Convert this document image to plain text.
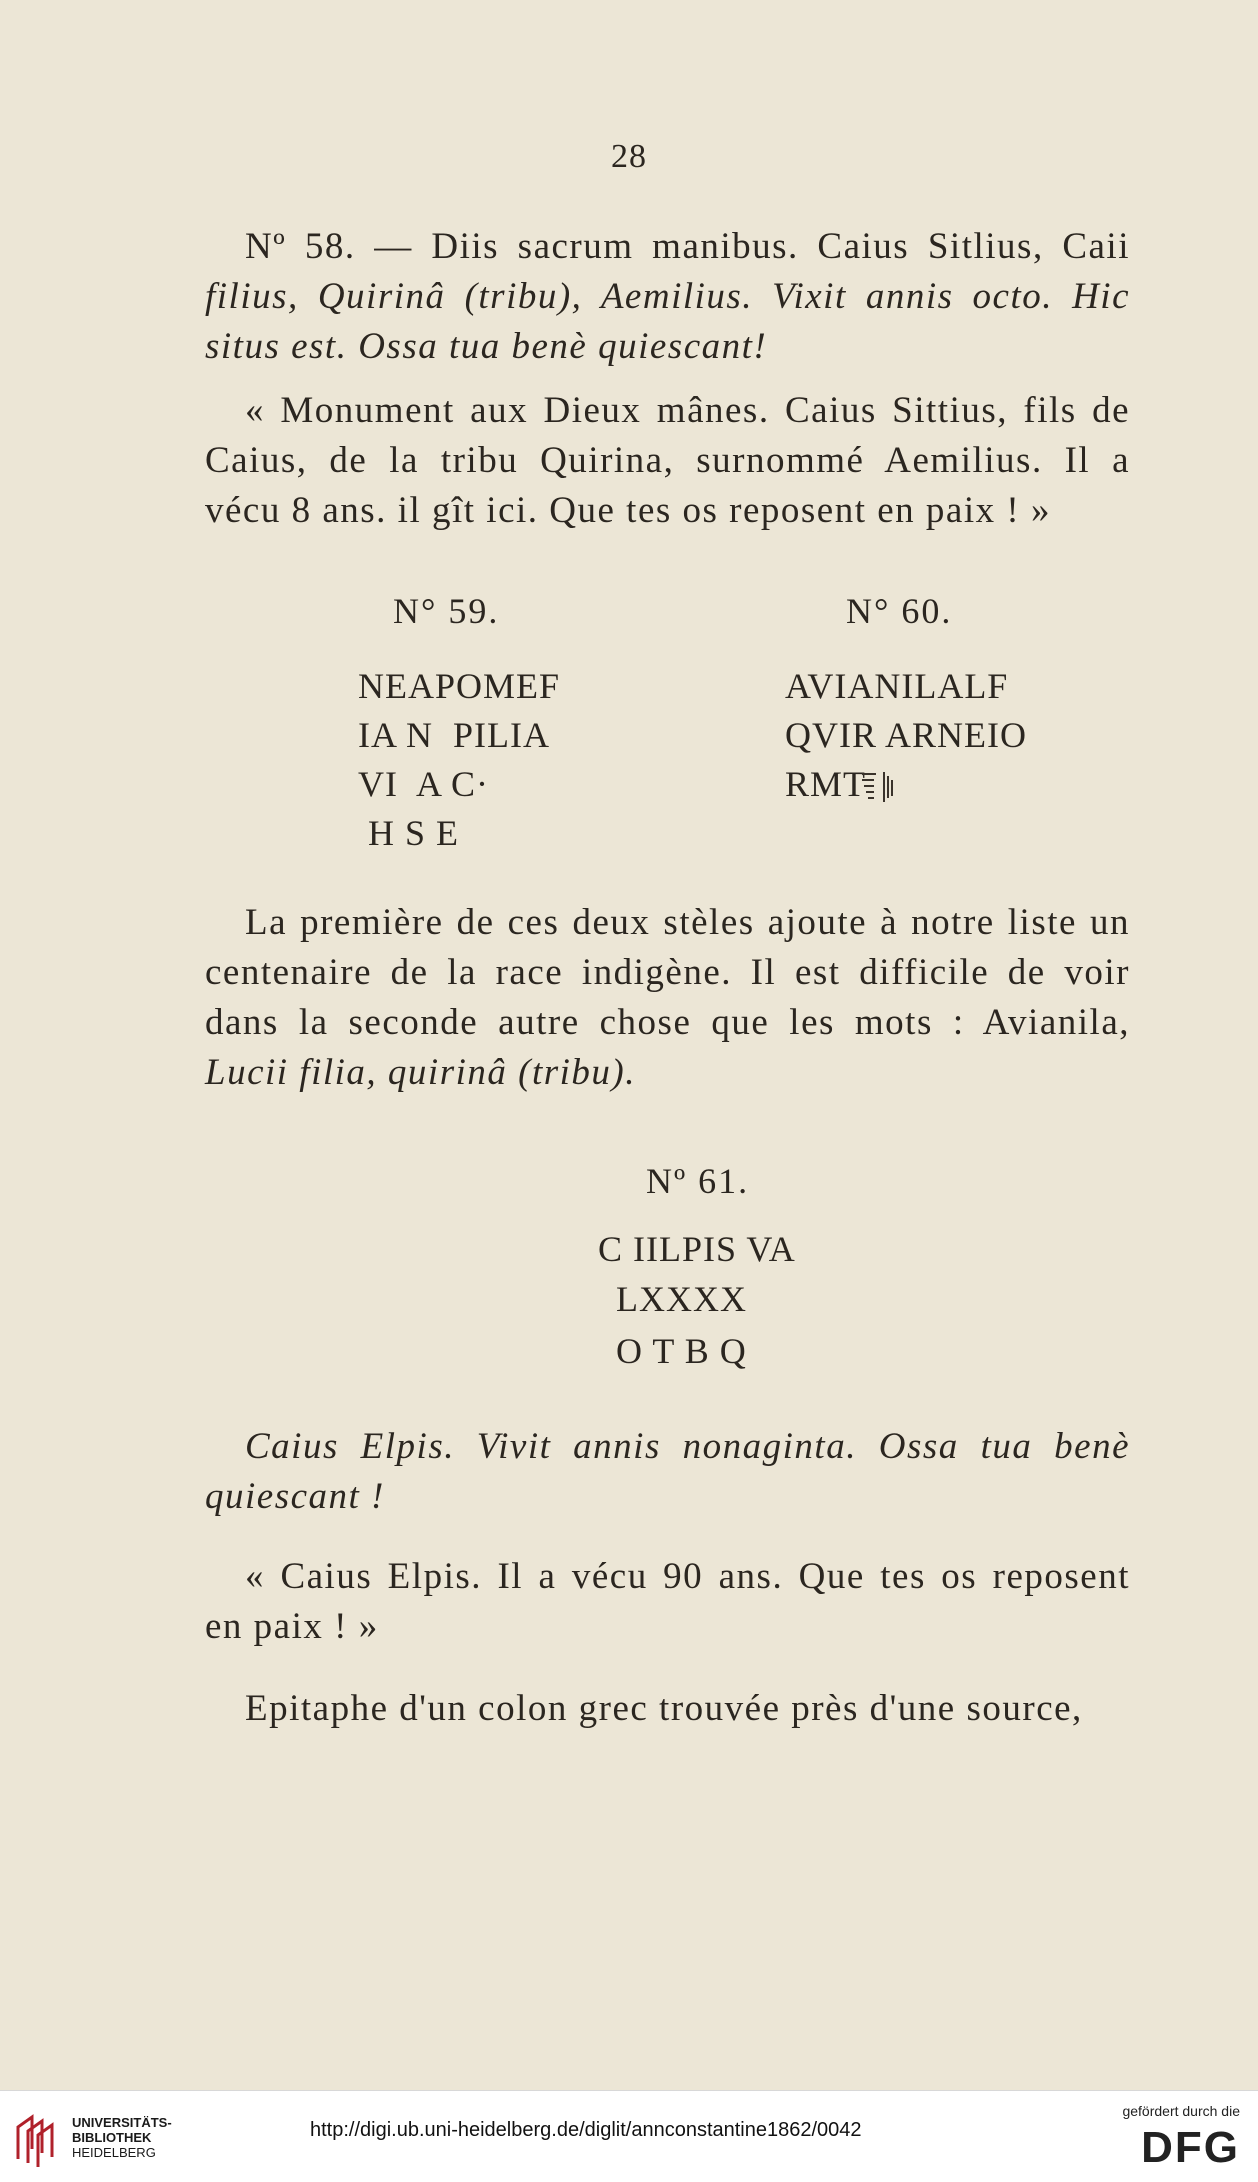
28
Nº 58. — Diis sacrum manibus. Caius Sitlius, Caii
filius, Quirinâ (tribu), Aemilius. Vixit annis octo. Hic
situs est. Ossa tua benè quiescant!
« Monument aux Dieux mânes. Caius Sittius, fils de
Caius, de la tribu Quirina, surnommé Aemilius. Il a
vécu 8 ans. il gît ici. Que tes os reposent en paix ! »
N° 59.
NEAPOMEF
IA N  PILIA
VI  A C·
H S E
N° 60.
AVIANILALF
QVIR ARNEIO
RMT
La première de ces deux stèles ajoute à notre liste un
centenaire de la race indigène. Il est difficile de voir
dans la seconde autre chose que les mots : Avianila,
Lucii filia, quirinâ (tribu).
Nº 61.
C IILPIS VA
LXXXX
O T B Q
Caius Elpis. Vivit annis nonaginta. Ossa tua benè
quiescant !
« Caius Elpis. Il a vécu 90 ans. Que tes os reposent
en paix ! »
Epitaphe d'un colon grec trouvée près d'une source,
UNIVERSITÄTS-
BIBLIOTHEK
HEIDELBERG
http://digi.ub.uni-heidelberg.de/diglit/annconstantine1862/0042
gefördert durch die
DFG
